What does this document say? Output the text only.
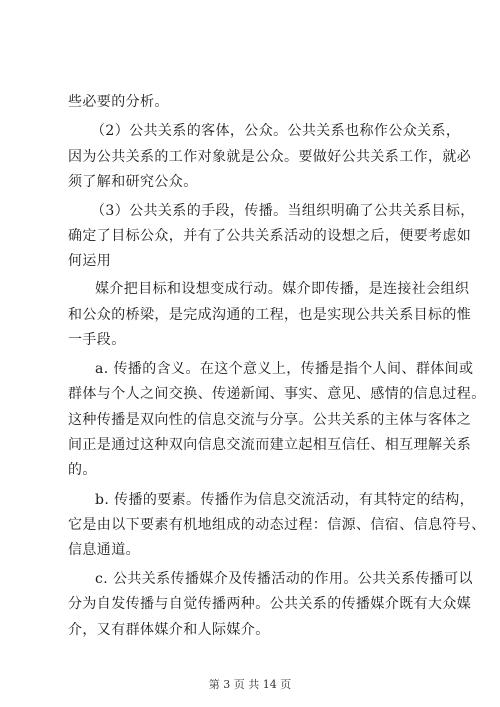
些必要的分析。
（2）公共关系的客体，公众。公共关系也称作公众关系，
因为公共关系的工作对象就是公众。要做好公共关系工作，就必
须了解和研究公众。
（3）公共关系的手段，传播。当组织明确了公共关系目标，
确定了目标公众，并有了公共关系活动的设想之后，便要考虑如
何运用
媒介把目标和设想变成行动。媒介即传播，是连接社会组织
和公众的桥梁，是完成沟通的工程，也是实现公共关系目标的惟
一手段。
a. 传播的含义。在这个意义上，传播是指个人间、群体间或
群体与个人之间交换、传递新闻、事实、意见、感情的信息过程。
这种传播是双向性的信息交流与分享。公共关系的主体与客体之
间正是通过这种双向信息交流而建立起相互信任、相互理解关系
的。
b. 传播的要素。传播作为信息交流活动，有其特定的结构，
它是由以下要素有机地组成的动态过程：信源、信宿、信息符号、
信息通道。
c. 公共关系传播媒介及传播活动的作用。公共关系传播可以
分为自发传播与自觉传播两种。公共关系的传播媒介既有大众媒
介，又有群体媒介和人际媒介。
第 3 页 共 14 页
